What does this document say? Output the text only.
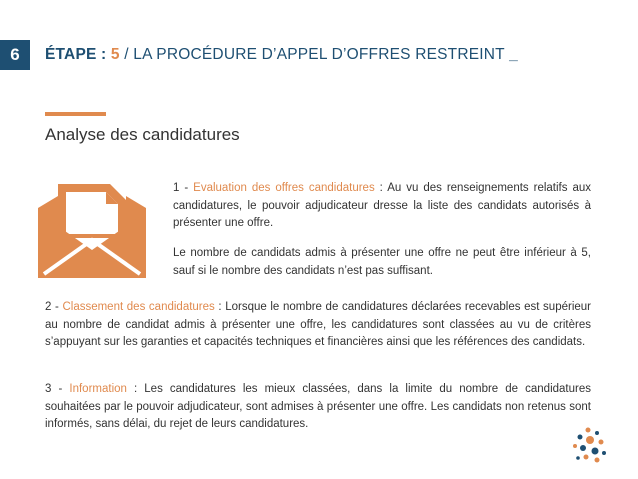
6	ÉTAPE : 5 / LA PROCÉDURE D’APPEL D’OFFRES RESTREINT _
Analyse des candidatures
1 - Evaluation des offres candidatures : Au vu des renseignements relatifs aux candidatures, le pouvoir adjudicateur dresse la liste des candidats autorisés à présenter une offre.
Le nombre de candidats admis à présenter une offre ne peut être inférieur à 5, sauf si le nombre des candidats n’est pas suffisant.
2 - Classement des candidatures : Lorsque le nombre de candidatures déclarées recevables est supérieur au nombre de candidat admis à présenter une offre, les candidatures sont classées au vu de critères s’appuyant sur les garanties et capacités techniques et financières ainsi que les références des candidats.
3 - Information : Les candidatures les mieux classées, dans la limite du nombre de candidatures souhaitées par le pouvoir adjudicateur, sont admises à présenter une offre. Les candidats non retenus sont informés, sans délai, du rejet de leurs candidatures.
